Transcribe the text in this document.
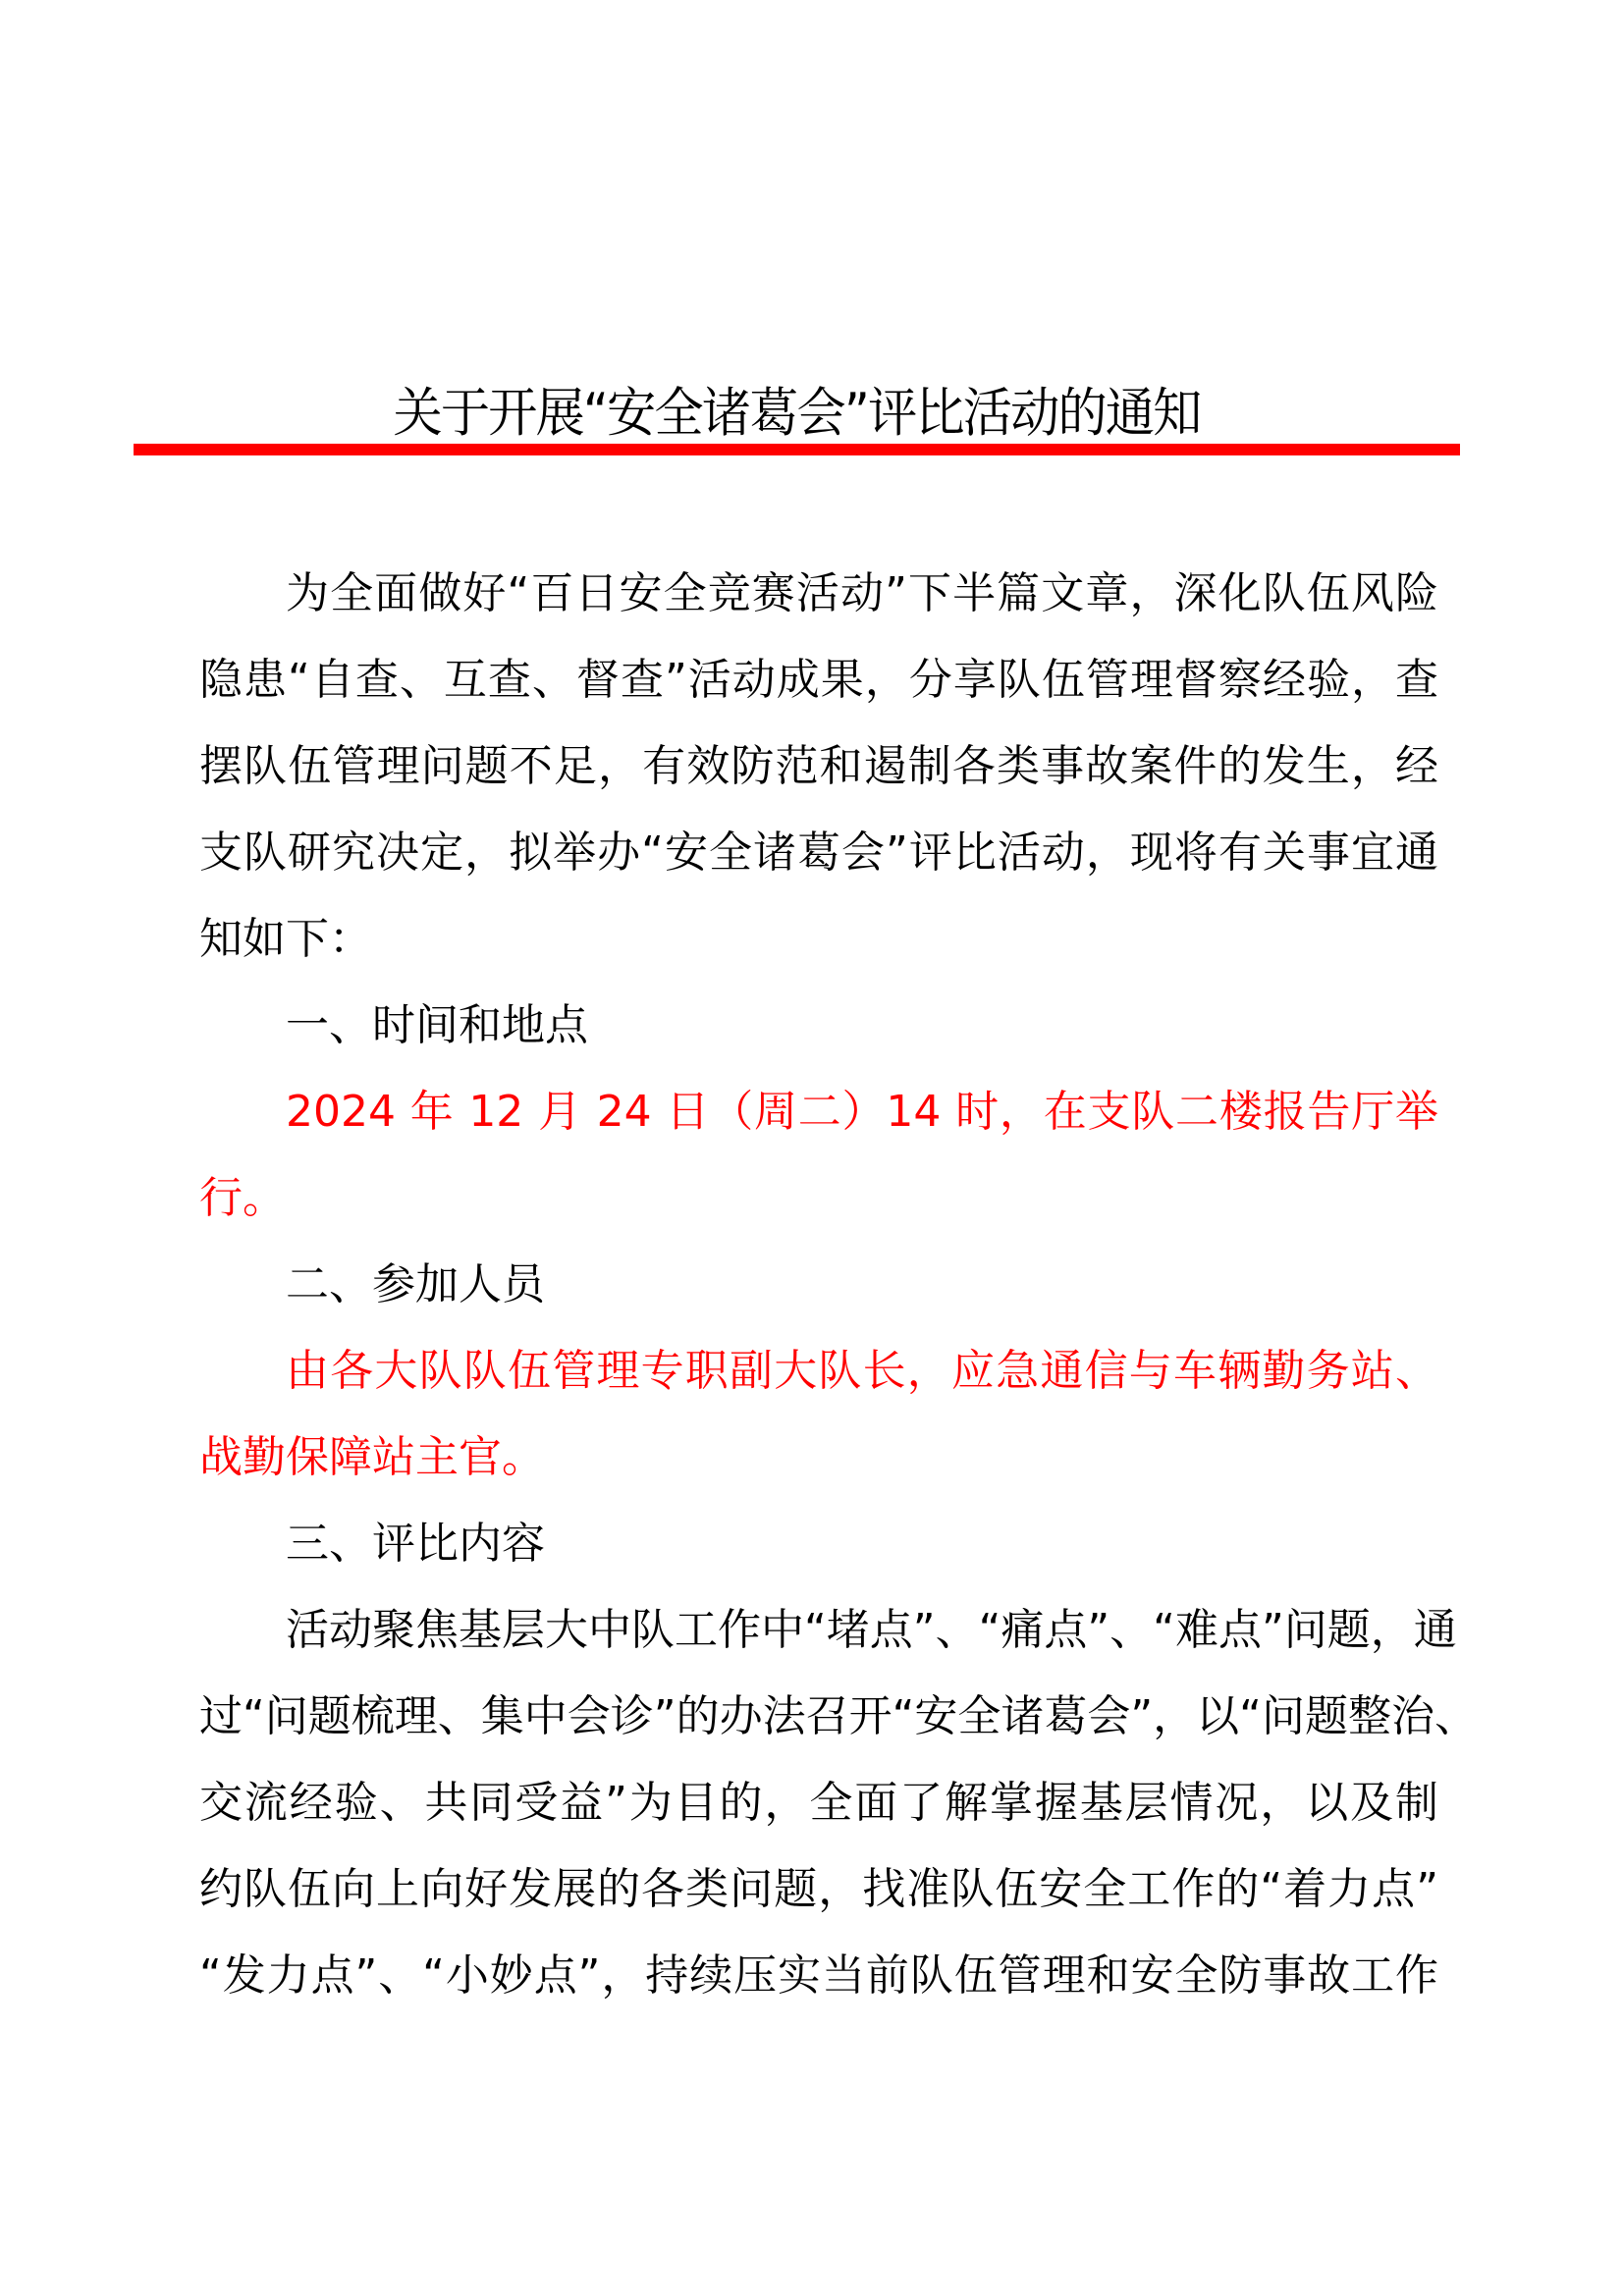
关于开展“安全诸葛会”评比活动的通知
为全面做好“百日安全竞赛活动”下半篇文章，深化队伍风险
隐患“自查、互查、督查”活动成果，分享队伍管理督察经验，查
摆队伍管理问题不足，有效防范和遏制各类事故案件的发生，经
支队研究决定，拟举办“安全诸葛会”评比活动，现将有关事宜通
知如下：
一、时间和地点
2024 年 12 月 24 日（周二）14 时，在支队二楼报告厅举
行。
二、参加人员
由各大队队伍管理专职副大队长，应急通信与车辆勤务站、
战勤保障站主官。
三、评比内容
活动聚焦基层大中队工作中“堵点”、“痛点”、“难点”问题，通
过“问题梳理、集中会诊”的办法召开“安全诸葛会”，以“问题整治、
交流经验、共同受益”为目的，全面了解掌握基层情况，以及制
约队伍向上向好发展的各类问题，找准队伍安全工作的“着力点”
“发力点”、“小妙点”，持续压实当前队伍管理和安全防事故工作
